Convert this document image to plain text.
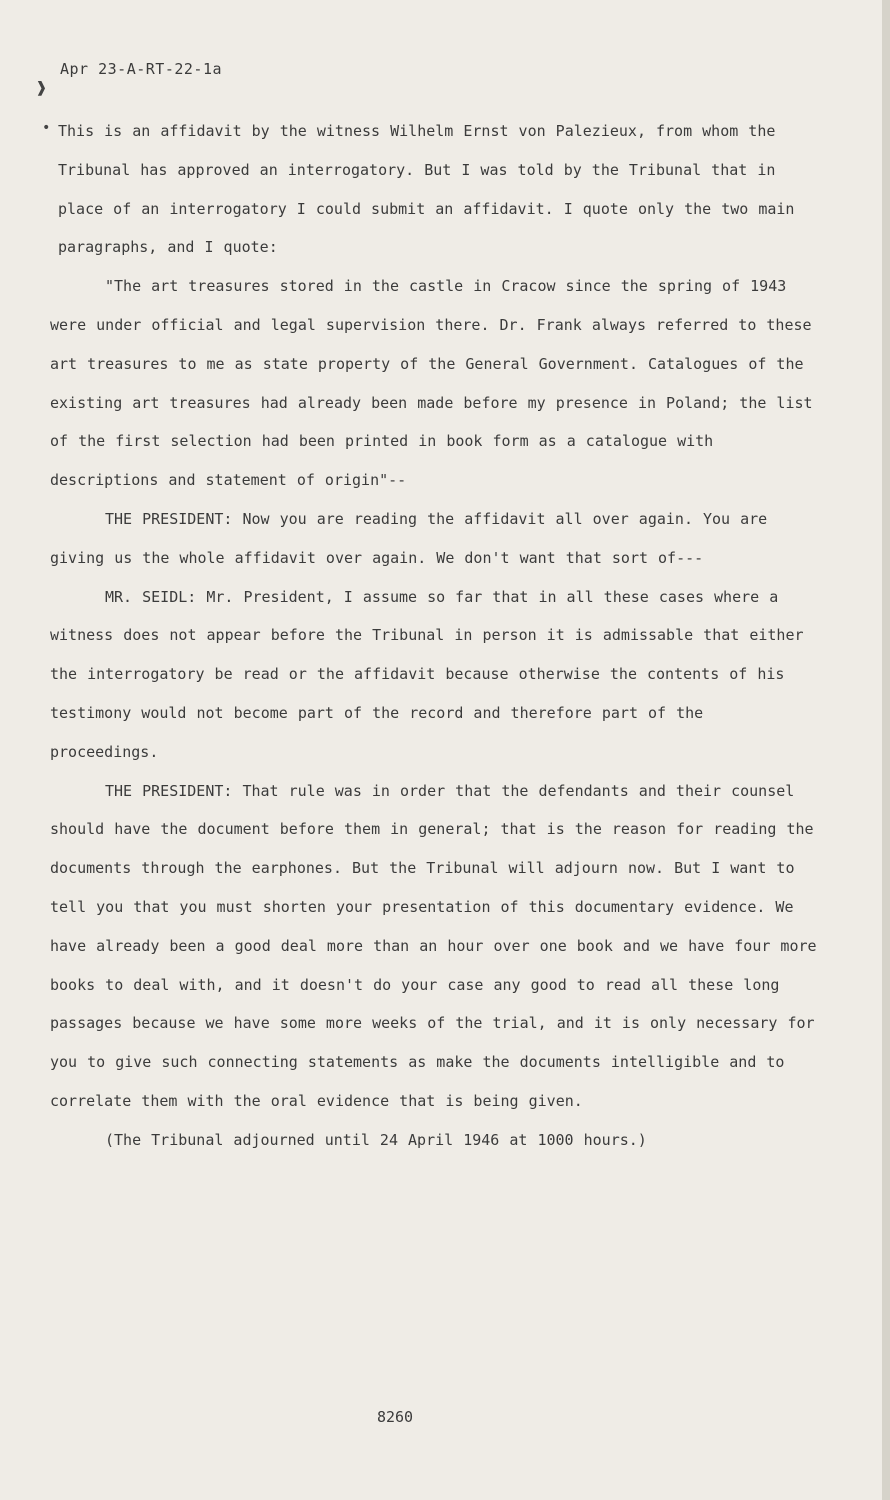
Apr 23-A-RT-22-1a
❱
• This is an affidavit by the witness Wilhelm Ernst von Palezieux, from whom the Tribunal has approved an interrogatory. But I was told by the Tribunal that in place of an interrogatory I could submit an affidavit. I quote only the two main paragraphs, and I quote:

"The art treasures stored in the castle in Cracow since the spring of 1943 were under official and legal supervision there. Dr. Frank always referred to these art treasures to me as state property of the General Government. Catalogues of the existing art treasures had already been made before my presence in Poland; the list of the first selection had been printed in book form as a catalogue with descriptions and statement of origin"--

THE PRESIDENT: Now you are reading the affidavit all over again. You are giving us the whole affidavit over again. We don't want that sort of---

MR. SEIDL: Mr. President, I assume so far that in all these cases where a witness does not appear before the Tribunal in person it is admissable that either the interrogatory be read or the affidavit because otherwise the contents of his testimony would not become part of the record and therefore part of the proceedings.

THE PRESIDENT: That rule was in order that the defendants and their counsel should have the document before them in general; that is the reason for reading the documents through the earphones. But the Tribunal will adjourn now. But I want to tell you that you must shorten your presentation of this documentary evidence. We have already been a good deal more than an hour over one book and we have four more books to deal with, and it doesn't do your case any good to read all these long passages because we have some more weeks of the trial, and it is only necessary for you to give such connecting statements as make the documents intelligible and to correlate them with the oral evidence that is being given.

(The Tribunal adjourned until 24 April 1946 at 1000 hours.)

8260
